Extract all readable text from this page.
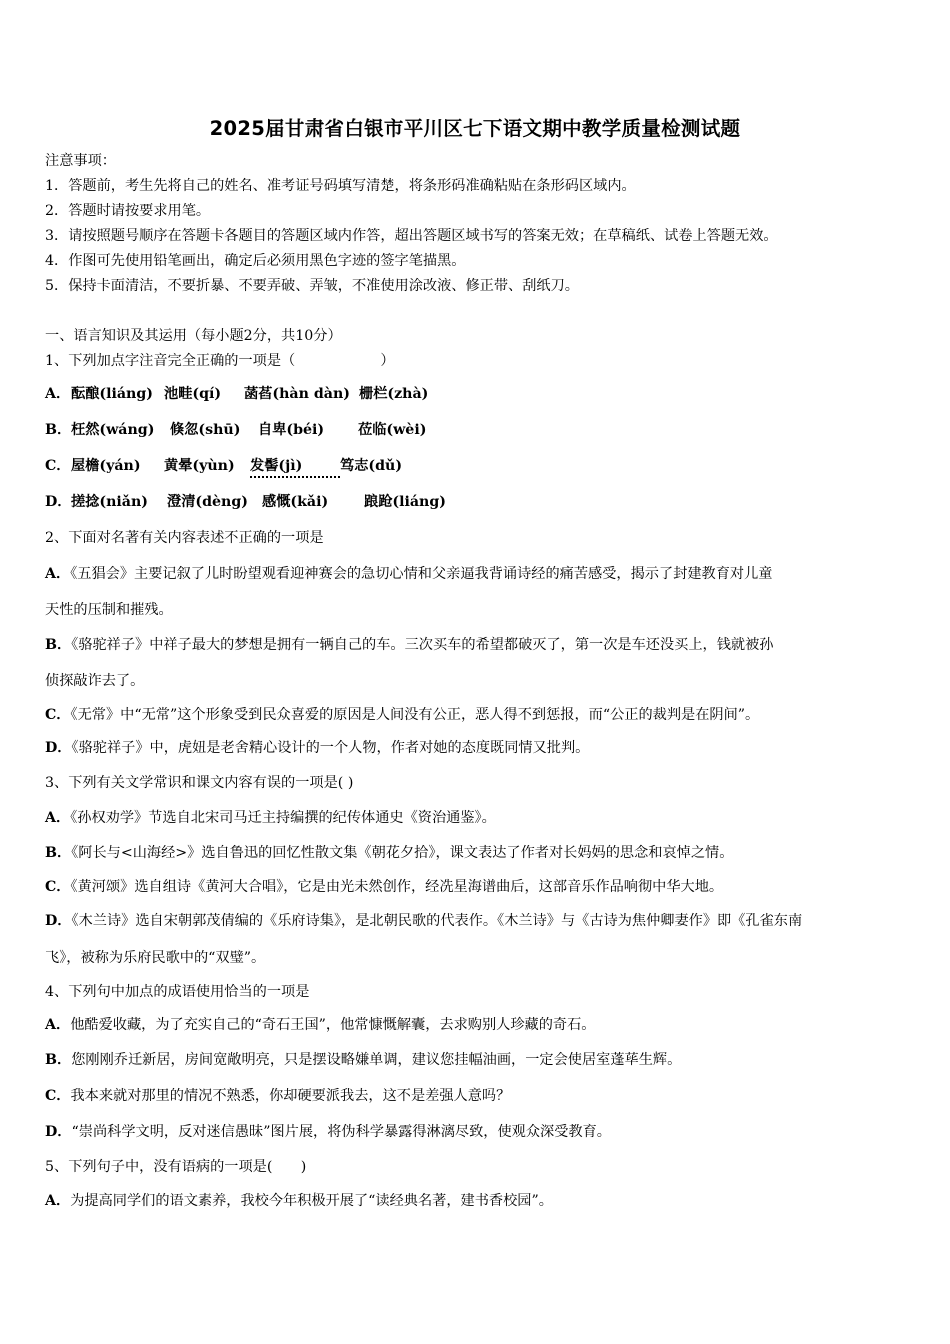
2025届甘肃省白银市平川区七下语文期中教学质量检测试题
注意事项：
1．答题前，考生先将自己的姓名、准考证号码填写清楚，将条形码准确粘贴在条形码区域内。
2．答题时请按要求用笔。
3．请按照题号顺序在答题卡各题目的答题区域内作答，超出答题区域书写的答案无效；在草稿纸、试卷上答题无效。
4．作图可先使用铅笔画出，确定后必须用黑色字迹的签字笔描黑。
5．保持卡面清洁，不要折暴、不要弄破、弄皱，不准使用涂改液、修正带、刮纸刀。
一、语言知识及其运用（每小题2分，共10分）
1、下列加点字注音完全正确的一项是（　　　　　　）
A．酝酿(liáng) 池畦(qí) 菡萏(hàn dàn) 栅栏(zhà)
B．枉然(wáng) 倏忽(shū) 自卑(béi) 莅临(wèi)
C．屋檐(yán) 黄晕(yùn) 发髻(jì)	笃志(dǔ)
D．搓捻(niǎn) 澄清(dèng) 感慨(kǎi)	踉跄(liáng)
2、下面对名著有关内容表述不正确的一项是
A．《五猖会》主要记叙了儿时盼望观看迎神赛会的急切心情和父亲逼我背诵诗经的痛苦感受，揭示了封建教育对儿童
天性的压制和摧残。
B．《骆驼祥子》中祥子最大的梦想是拥有一辆自己的车。三次买车的希望都破灭了，第一次是车还没买上，钱就被孙
侦探敲诈去了。
C．《无常》中“无常”这个形象受到民众喜爱的原因是人间没有公正，恶人得不到惩报，而“公正的裁判是在阴间”。
D．《骆驼祥子》中，虎妞是老舍精心设计的一个人物，作者对她的态度既同情又批判。
3、下列有关文学常识和课文内容有误的一项是( )
A．《孙权劝学》节选自北宋司马迁主持编撰的纪传体通史《资治通鉴》。
B．《阿长与<山海经>》选自鲁迅的回忆性散文集《朝花夕拾》，课文表达了作者对长妈妈的思念和哀悼之情。
C．《黄河颂》选自组诗《黄河大合唱》，它是由光未然创作，经冼星海谱曲后，这部音乐作品响彻中华大地。
D．《木兰诗》选自宋朝郭茂倩编的《乐府诗集》，是北朝民歌的代表作。《木兰诗》与《古诗为焦仲卿妻作》即《孔雀东南
飞》，被称为乐府民歌中的“双璧”。
4、下列句中加点的成语使用恰当的一项是
A．他酷爱收藏，为了充实自己的“奇石王国”，他常慷慨解囊，去求购别人珍藏的奇石。
B．您刚刚乔迁新居，房间宽敞明亮，只是摆设略嫌单调，建议您挂幅油画，一定会使居室蓬荜生辉。
C．我本来就对那里的情况不熟悉，你却硬要派我去，这不是差强人意吗？
D．“崇尚科学文明，反对迷信愚昧”图片展，将伪科学暴露得淋漓尽致，使观众深受教育。
5、下列句子中，没有语病的一项是(　　)
A．为提高同学们的语文素养，我校今年积极开展了“读经典名著，建书香校园”。
